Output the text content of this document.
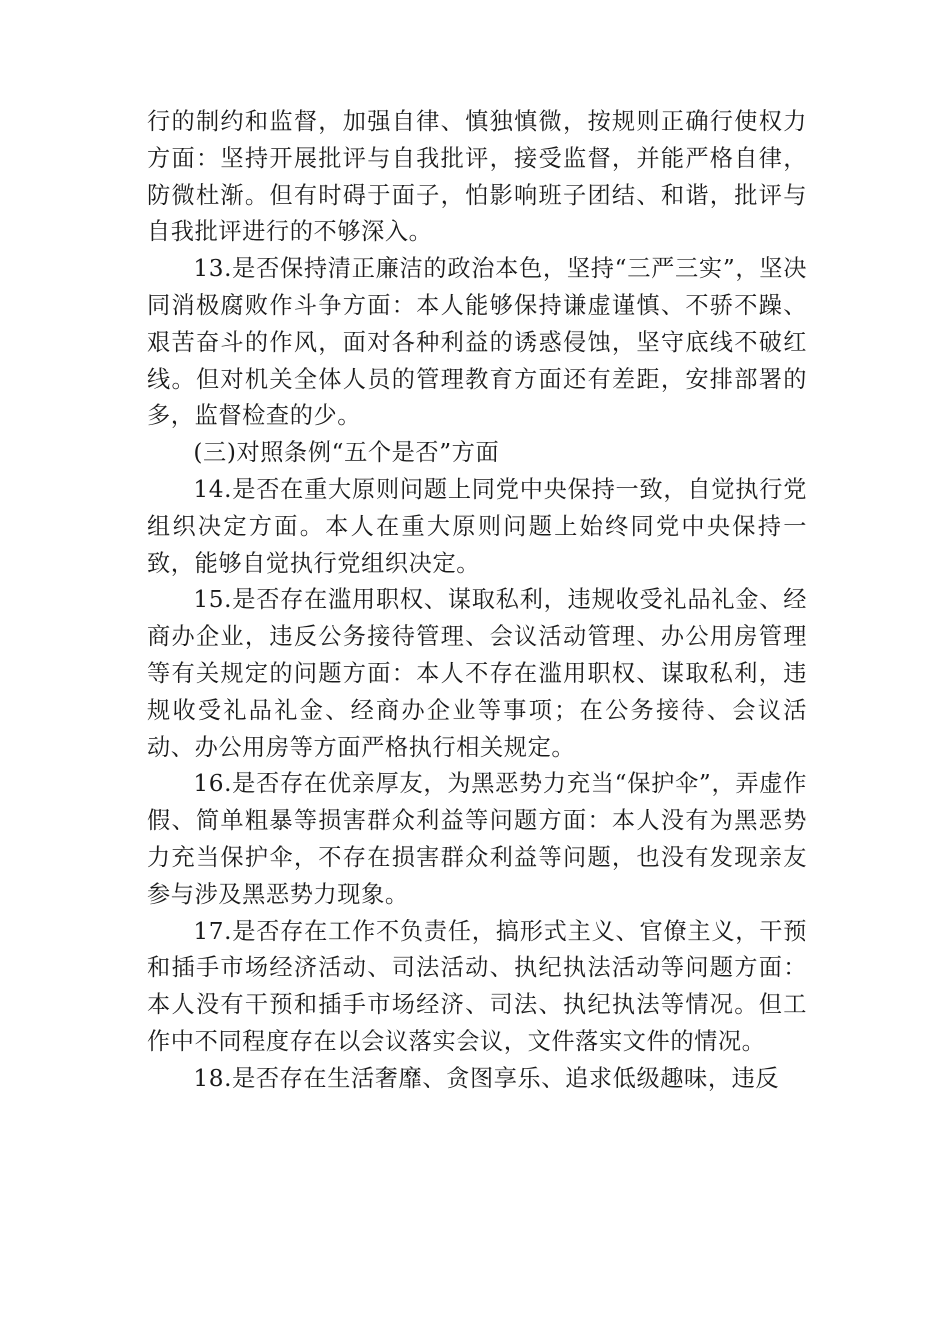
行的制约和监督，加强自律、慎独慎微，按规则正确行使权力方面：坚持开展批评与自我批评，接受监督，并能严格自律，防微杜渐。但有时碍于面子，怕影响班子团结、和谐，批评与自我批评进行的不够深入。

13.是否保持清正廉洁的政治本色，坚持“三严三实”，坚决同消极腐败作斗争方面：本人能够保持谦虚谨慎、不骄不躁、艰苦奋斗的作风，面对各种利益的诱惑侵蚀，坚守底线不破红线。但对机关全体人员的管理教育方面还有差距，安排部署的多，监督检查的少。

(三)对照条例“五个是否”方面

14.是否在重大原则问题上同党中央保持一致，自觉执行党组织决定方面。本人在重大原则问题上始终同党中央保持一致，能够自觉执行党组织决定。

15.是否存在滥用职权、谋取私利，违规收受礼品礼金、经商办企业，违反公务接待管理、会议活动管理、办公用房管理等有关规定的问题方面：本人不存在滥用职权、谋取私利，违规收受礼品礼金、经商办企业等事项；在公务接待、会议活动、办公用房等方面严格执行相关规定。

16.是否存在优亲厚友，为黑恶势力充当“保护伞”，弄虚作假、简单粗暴等损害群众利益等问题方面：本人没有为黑恶势力充当保护伞，不存在损害群众利益等问题，也没有发现亲友参与涉及黑恶势力现象。

17.是否存在工作不负责任，搞形式主义、官僚主义，干预和插手市场经济活动、司法活动、执纪执法活动等问题方面：本人没有干预和插手市场经济、司法、执纪执法等情况。但工作中不同程度存在以会议落实会议，文件落实文件的情况。

18.是否存在生活奢靡、贪图享乐、追求低级趣味，违反
